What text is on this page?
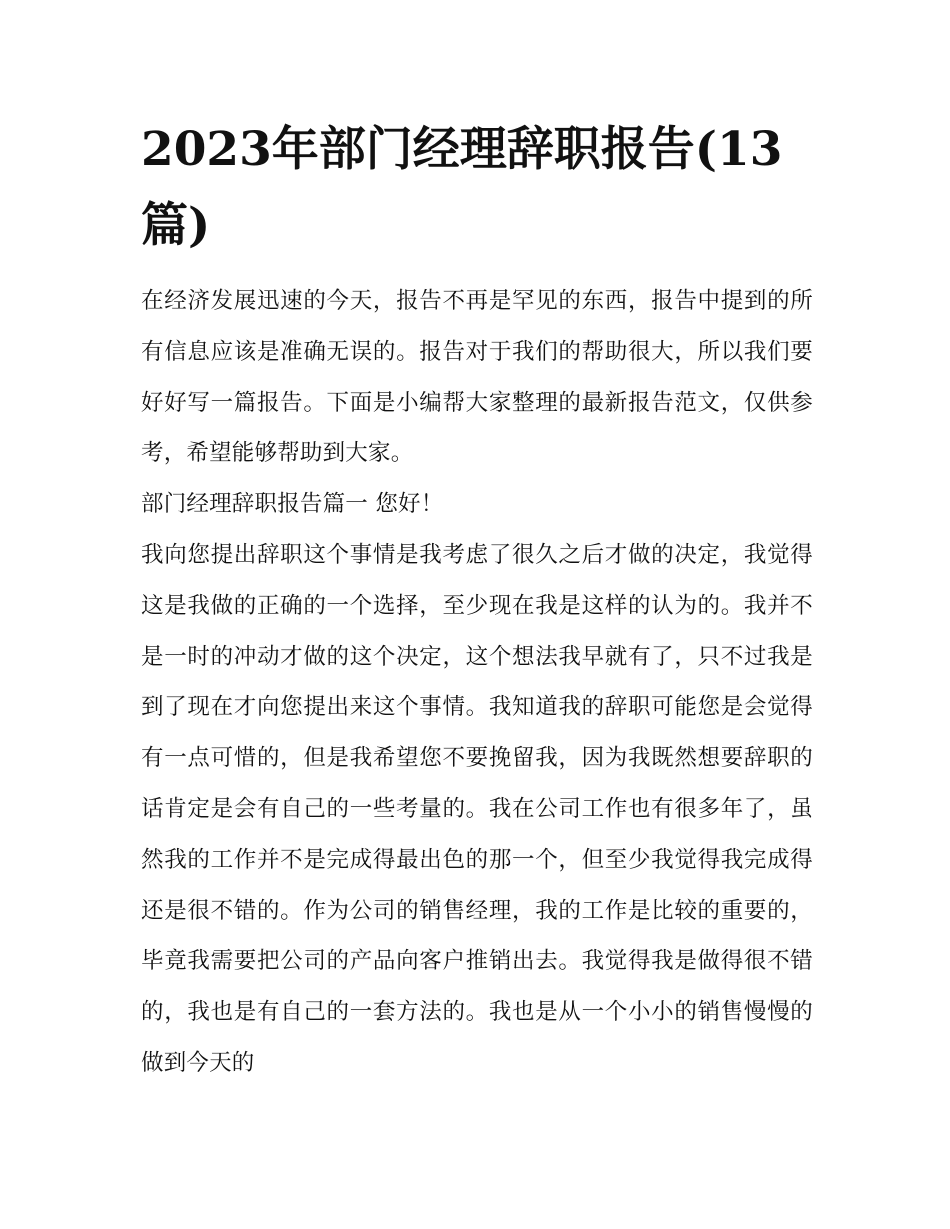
2023年部门经理辞职报告(13篇)

在经济发展迅速的今天，报告不再是罕见的东西，报告中提到的所有信息应该是准确无误的。报告对于我们的帮助很大，所以我们要好好写一篇报告。下面是小编帮大家整理的最新报告范文，仅供参考，希望能够帮助到大家。

部门经理辞职报告篇一 您好！

我向您提出辞职这个事情是我考虑了很久之后才做的决定，我觉得这是我做的正确的一个选择，至少现在我是这样的认为的。我并不是一时的冲动才做的这个决定，这个想法我早就有了，只不过我是到了现在才向您提出来这个事情。我知道我的辞职可能您是会觉得有一点可惜的，但是我希望您不要挽留我，因为我既然想要辞职的话肯定是会有自己的一些考量的。我在公司工作也有很多年了，虽然我的工作并不是完成得最出色的那一个，但至少我觉得我完成得还是很不错的。作为公司的销售经理，我的工作是比较的重要的，毕竟我需要把公司的产品向客户推销出去。我觉得我是做得很不错的，我也是有自己的一套方法的。我也是从一个小小的销售慢慢的做到今天的
